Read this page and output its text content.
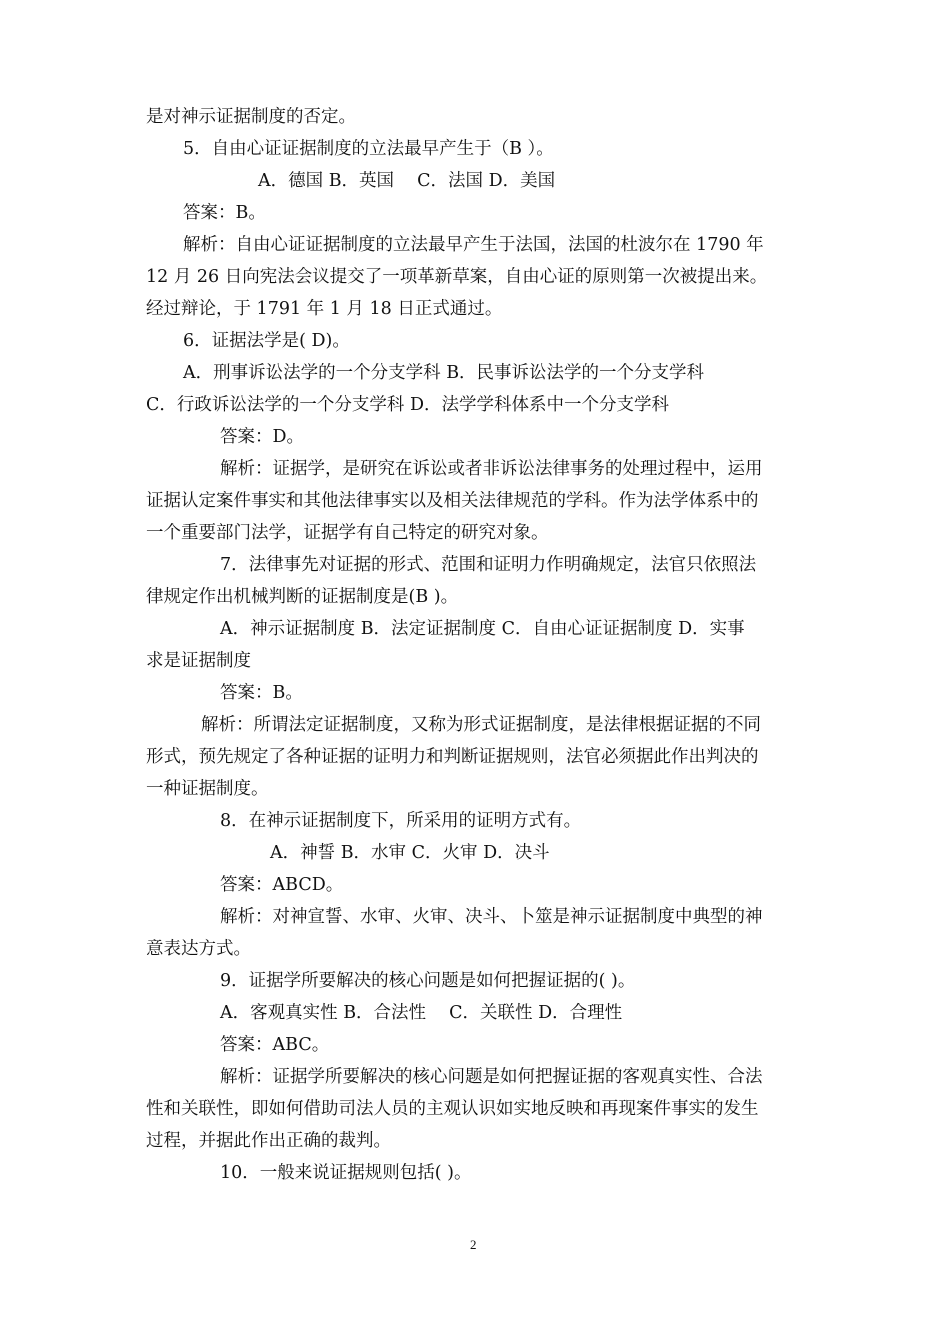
是对神示证据制度的否定。
5．自由心证证据制度的立法最早产生于（B ）。
A．德国 B．英国 　C．法国 D．美国
答案：B。
解析：自由心证证据制度的立法最早产生于法国，法国的杜波尔在 1790 年
12 月 26 日向宪法会议提交了一项革新草案，自由心证的原则第一次被提出来。
经过辩论，于 1791 年 1 月 18 日正式通过。
6．证据法学是( D)。
A．刑事诉讼法学的一个分支学科 B．民事诉讼法学的一个分支学科
C．行政诉讼法学的一个分支学科 D．法学学科体系中一个分支学科
答案：D。
解析：证据学，是研究在诉讼或者非诉讼法律事务的处理过程中，运用
证据认定案件事实和其他法律事实以及相关法律规范的学科。作为法学体系中的
一个重要部门法学，证据学有自己特定的研究对象。
7．法律事先对证据的形式、范围和证明力作明确规定，法官只依照法
律规定作出机械判断的证据制度是(B )。
A．神示证据制度 B．法定证据制度 C．自由心证证据制度 D．实事
求是证据制度
答案：B。
解析：所谓法定证据制度，又称为形式证据制度，是法律根据证据的不同
形式，预先规定了各种证据的证明力和判断证据规则，法官必须据此作出判决的
一种证据制度。
8．在神示证据制度下，所采用的证明方式有。
A．神誓 B．水审 C．火审 D．决斗
答案：ABCD。
解析：对神宣誓、水审、火审、决斗、卜筮是神示证据制度中典型的神
意表达方式。
9．证据学所要解决的核心问题是如何把握证据的( )。
A．客观真实性 B．合法性 　C．关联性 D．合理性
答案：ABC。
解析：证据学所要解决的核心问题是如何把握证据的客观真实性、合法
性和关联性，即如何借助司法人员的主观认识如实地反映和再现案件事实的发生
过程，并据此作出正确的裁判。
10．一般来说证据规则包括( )。
2
